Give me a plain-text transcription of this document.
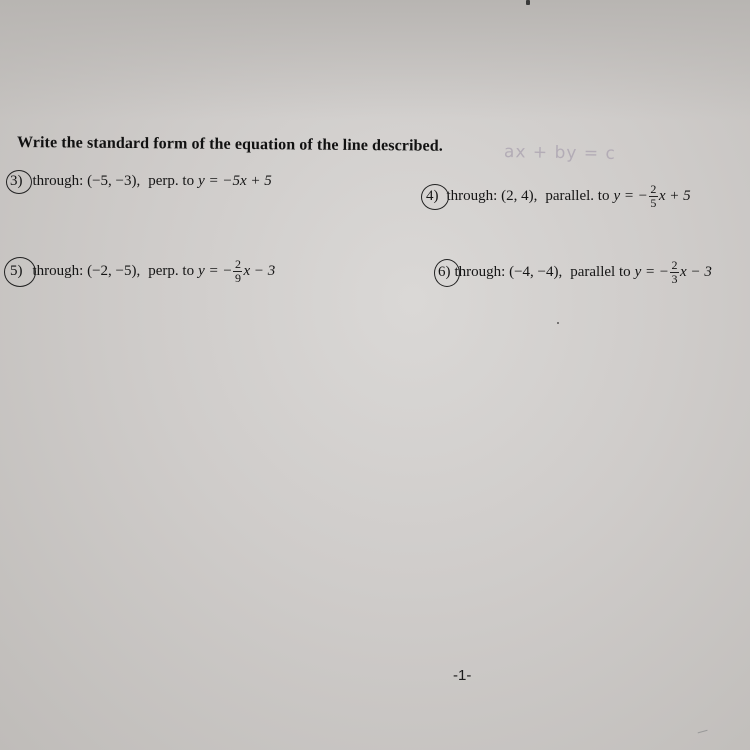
Write the standard form of the equation of the line described.	ax + by = c
3) through: (−5, −3), perp. to y = −5x + 5
4) through: (2, 4), parallel. to y = − $\frac{2}{5}$ x + 5
5) through: (−2, −5), perp. to y = − $\frac{2}{9}$ x − 3	6) through: (−4, −4), parallel to y = − $\frac{2}{3}$ x − 3
-1-
